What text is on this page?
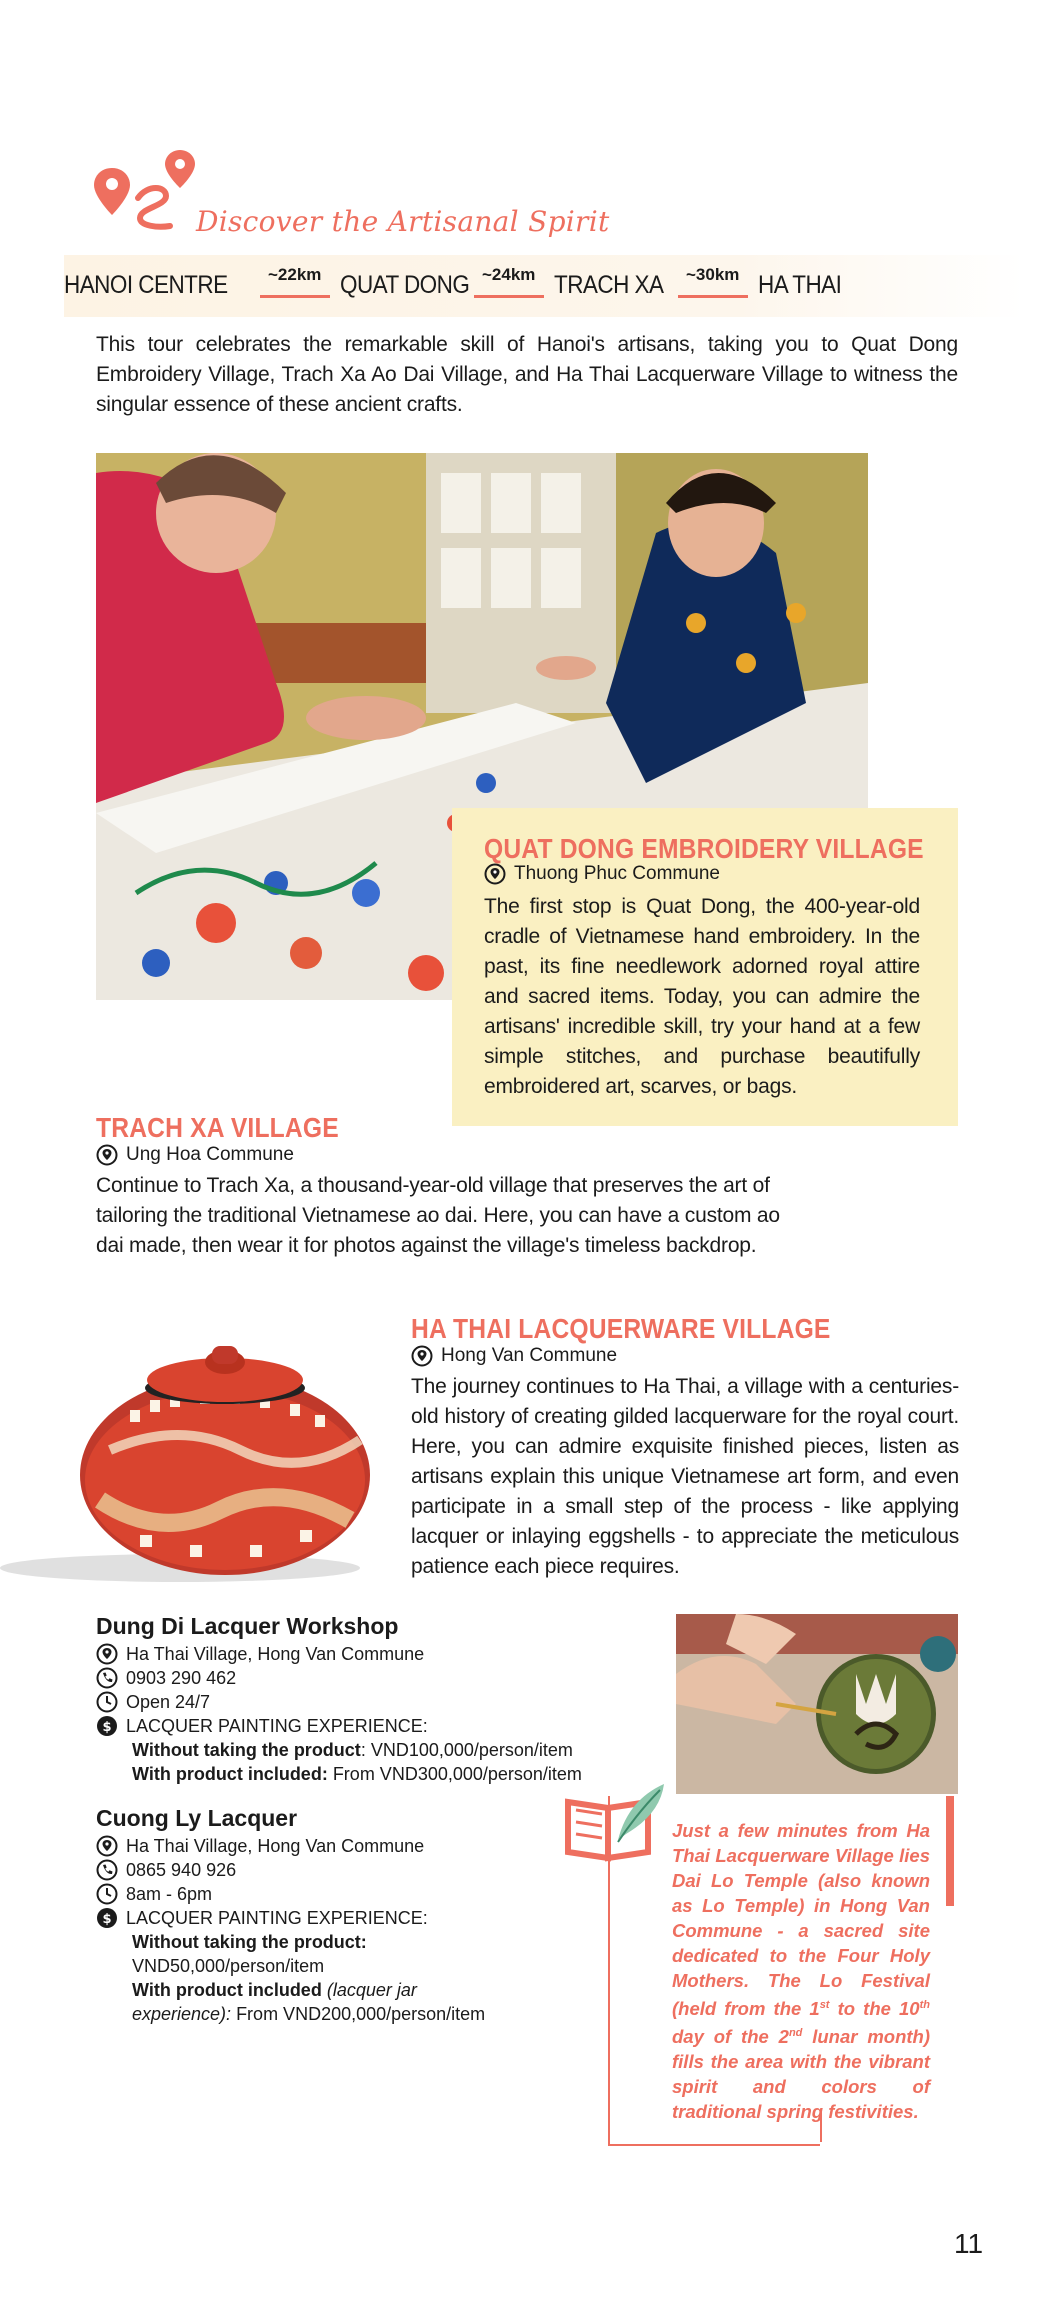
Discover the Artisanal Spirit
HANOI CENTRE ~22km QUAT DONG ~24km TRACH XA ~30km HA THAI

This tour celebrates the remarkable skill of Hanoi's artisans, taking you to Quat Dong Embroidery Village, Trach Xa Ao Dai Village, and Ha Thai Lacquerware Village to witness the singular essence of these ancient crafts.

QUAT DONG EMBROIDERY VILLAGE
Thuong Phuc Commune

The first stop is Quat Dong, the 400-year-old cradle of Vietnamese hand embroidery. In the past, its fine needlework adorned royal attire and sacred items. Today, you can admire the artisans' incredible skill, try your hand at a few simple stitches, and purchase beautifully embroidered art, scarves, or bags.

TRACH XA VILLAGE
Ung Hoa Commune

Continue to Trach Xa, a thousand-year-old village that preserves the art of tailoring the traditional Vietnamese ao dai. Here, you can have a custom ao dai made, then wear it for photos against the village's timeless backdrop.

HA THAI LACQUERWARE VILLAGE
Hong Van Commune

The journey continues to Ha Thai, a village with a centuries-old history of creating gilded lacquerware for the royal court. Here, you can admire exquisite finished pieces, listen as artisans explain this unique Vietnamese art form, and even participate in a small step of the process - like applying lacquer or inlaying eggshells - to appreciate the meticulous patience each piece requires.

Dung Di Lacquer Workshop
Ha Thai Village, Hong Van Commune
0903 290 462
Open 24/7
$ LACQUER PAINTING EXPERIENCE:
Without taking the product: VND100,000/person/item
With product included: From VND300,000/person/item
Cuong Ly Lacquer
Ha Thai Village, Hong Van Commune
0865 940 926
8am - 6pm
$ LACQUER PAINTING EXPERIENCE:
Without taking the product:
VND50,000/person/item
With product included (lacquer jar
experience): From VND200,000/person/item

Just a few minutes from Ha Thai Lacquerware Village lies Dai Lo Temple (also known as Lo Temple) in Hong Van Commune - a sacred site dedicated to the Four Holy Mothers. The Lo Festival (held from the 1st to the 10th day of the 2nd lunar month) fills the area with the vibrant spirit and colors of traditional spring festivities.

11
